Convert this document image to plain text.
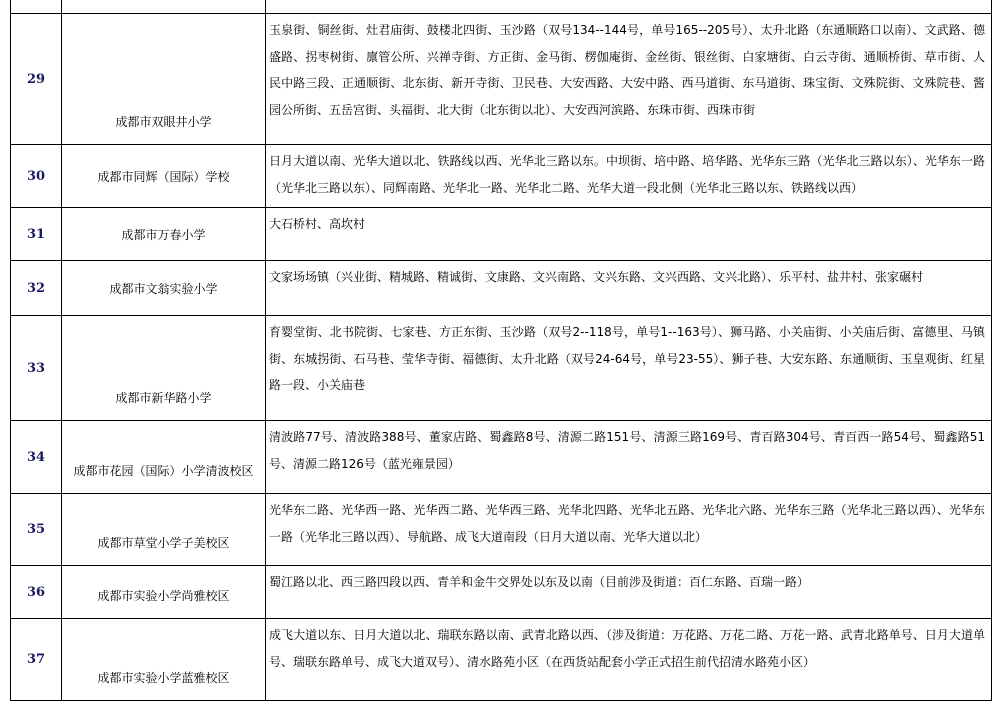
29	成都市双眼井小学	玉泉街、铜丝街、灶君庙街、鼓楼北四街、玉沙路（双号134--144号，单号165--205号）、太升北路（东通顺路口以南）、文武路、德盛路、拐枣树街、廪管公所、兴禅寺街、方正街、金马街、楞伽庵街、金丝街、银丝街、白家塘街、白云寺街、通顺桥街、草市街、人民中路三段、正通顺街、北东街、新开寺街、卫民巷、大安西路、大安中路、西马道街、东马道街、珠宝街、文殊院街、文殊院巷、酱园公所街、五岳宫街、头福街、北大街（北东街以北）、大安西河滨路、东珠市街、西珠市街
30	成都市同辉（国际）学校	日月大道以南、光华大道以北、铁路线以西、光华北三路以东。中坝街、培中路、培华路、光华东三路（光华北三路以东）、光华东一路（光华北三路以东）、同辉南路、光华北一路、光华北二路、光华大道一段北侧（光华北三路以东、铁路线以西）
31	成都市万春小学	大石桥村、高坎村
32	成都市文翁实验小学	文家场场镇（兴业街、精城路、精诚街、文康路、文兴南路、文兴东路、文兴西路、文兴北路）、乐平村、盐井村、张家碾村
33	成都市新华路小学	育婴堂街、北书院街、七家巷、方正东街、玉沙路（双号2--118号，单号1--163号）、狮马路、小关庙街、小关庙后街、富德里、马镇街、东城拐街、石马巷、莹华寺街、福德街、太升北路（双号24-64号，单号23-55）、狮子巷、大安东路、东通顺街、玉皇观街、红星路一段、小关庙巷
34	成都市花园（国际）小学清波校区	清波路77号、清波路388号、董家店路、蜀鑫路8号、清源二路151号、清源三路169号、青百路304号、青百西一路54号、蜀鑫路51号、清源二路126号（蓝光雍景园）
35	成都市草堂小学子美校区	光华东二路、光华西一路、光华西二路、光华西三路、光华北四路、光华北五路、光华北六路、光华东三路（光华北三路以西）、光华东一路（光华北三路以西）、导航路、成飞大道南段（日月大道以南、光华大道以北）
36	成都市实验小学尚雅校区	蜀江路以北、西三路四段以西、青羊和金牛交界处以东及以南（目前涉及街道：百仁东路、百瑞一路）
37	成都市实验小学蓝雅校区	成飞大道以东、日月大道以北、瑞联东路以南、武青北路以西、（涉及街道：万花路、万花二路、万花一路、武青北路单号、日月大道单号、瑞联东路单号、成飞大道双号）、清水路苑小区（在西货站配套小学正式招生前代招清水路苑小区）
